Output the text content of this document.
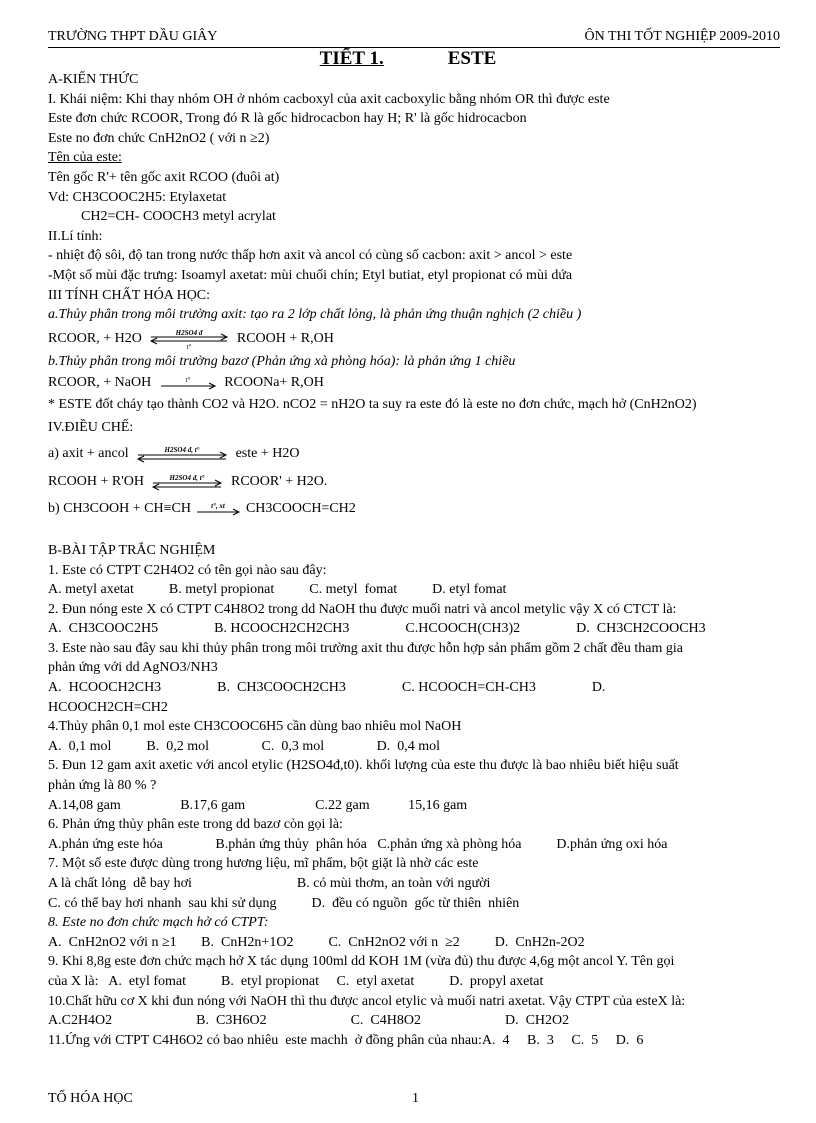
TRƯỜNG THPT DẦU GIÂY	ÔN THI TỐT NGHIỆP 2009-2010
TIẾT 1.	ESTE
A-KIẾN THỨC
I. Khái niệm: Khi thay nhóm OH ở nhóm cacboxyl của axit cacboxylic bằng nhóm OR thì được este
Este đơn chức RCOOR, Trong đó R là gốc hidrocacbon hay H; R' là gốc hidrocacbon
Este no đơn chức CnH2nO2 ( với n ≥2)
Tên của este:
Tên gốc R'+ tên gốc axit RCOO (đuôi at)
Vd: CH3COOC2H5: Etylaxetat
CH2=CH- COOCH3 metyl acrylat
II.Lí tính:
- nhiệt độ sôi, độ tan trong nước thấp hơn axit và ancol có cùng số cacbon: axit > ancol > este
-Một số mùi đặc trưng: Isoamyl axetat: mùi chuối chín; Etyl butiat, etyl propionat có mùi dứa
III TÍNH CHẤT HÓA HỌC:
a.Thủy phân trong môi trường axit: tạo ra 2 lớp chất lỏng, là phản ứng thuận nghịch (2 chiều )
RCOOR, + H2O	H2SO4 đ
t°
RCOOH + R,OH
b.Thủy phân trong môi trường bazơ (Phản ứng xà phòng hóa): là phản ứng 1 chiều
RCOOR, + NaOH	t° RCOONa+ R,OH
* ESTE đốt cháy tạo thành CO2 và H2O. nCO2 = nH2O ta suy ra este đó là este no đơn chức, mạch hở (CnH2nO2)
IV.ĐIỀU CHẾ:
a) axit + ancol	H2SO4 đ, t°	este + H2O
RCOOH + R'OH	H2SO4 đ, t° RCOOR' + H2O.
b) CH3COOH + CH≡CH	t°, xt CH3COOCH=CH2
B-BÀI TẬP TRẮC NGHIỆM
1. Este có CTPT C2H4O2 có tên gọi nào sau đây:
A. metyl axetat          B. metyl propionat          C. metyl  fomat          D. etyl fomat
2. Đun nóng este X có CTPT C4H8O2 trong dd NaOH thu được muối natri và ancol metylic vậy X có CTCT là:
A.  CH3COOC2H5                B. HCOOCH2CH2CH3                C.HCOOCH(CH3)2                D.  CH3CH2COOCH3
3. Este nào sau đây sau khi thủy phân trong môi trường axit thu được hỗn hợp sản phẩm gồm 2 chất đều tham gia
phản ứng với dd AgNO3/NH3
A.  HCOOCH2CH3                B.  CH3COOCH2CH3                C. HCOOCH=CH-CH3                D.
HCOOCH2CH=CH2
4.Thủy phân 0,1 mol este CH3COOC6H5 cần dùng bao nhiêu mol NaOH
A.  0,1 mol          B.  0,2 mol               C.  0,3 mol               D.  0,4 mol
5. Đun 12 gam axit axetic với ancol etylic (H2SO4đ,t0). khối lượng của este thu được là bao nhiêu biết hiệu suất
phản ứng là 80 % ?
A.14,08 gam                 B.17,6 gam                    C.22 gam           15,16 gam
6. Phản ứng thủy phân este trong dd bazơ còn gọi là:
A.phản ứng este hóa               B.phản ứng thủy  phân hóa   C.phản ứng xà phòng hóa          D.phản ứng oxi hóa
7. Một số este được dùng trong hương liệu, mĩ phẩm, bột giặt là nhờ các este
A là chất lỏng  dễ bay hơi                              B. có mùi thơm, an toàn với người
C. có thể bay hơi nhanh  sau khi sử dụng          D.  đều có nguồn  gốc từ thiên  nhiên
8. Este no đơn chức mạch hở có CTPT:
A.  CnH2nO2 với n ≥1       B.  CnH2n+1O2          C.  CnH2nO2 với n  ≥2          D.  CnH2n-2O2
9. Khi 8,8g este đơn chức mạch hở X tác dụng 100ml dd KOH 1M (vừa đủ) thu được 4,6g một ancol Y. Tên gọi
của X là:   A.  etyl fomat          B.  etyl propionat     C.  etyl axetat          D.  propyl axetat
10.Chất hữu cơ X khi đun nóng với NaOH thì thu được ancol etylic và muối natri axetat. Vậy CTPT của esteX là:
A.C2H4O2                        B.  C3H6O2                        C.  C4H8O2                        D.  CH2O2
11.Ứng với CTPT C4H6O2 có bao nhiêu  este machh  ở đồng phân của nhau:A.  4     B.  3     C.  5     D.  6
TỔ HÓA HỌC	1
